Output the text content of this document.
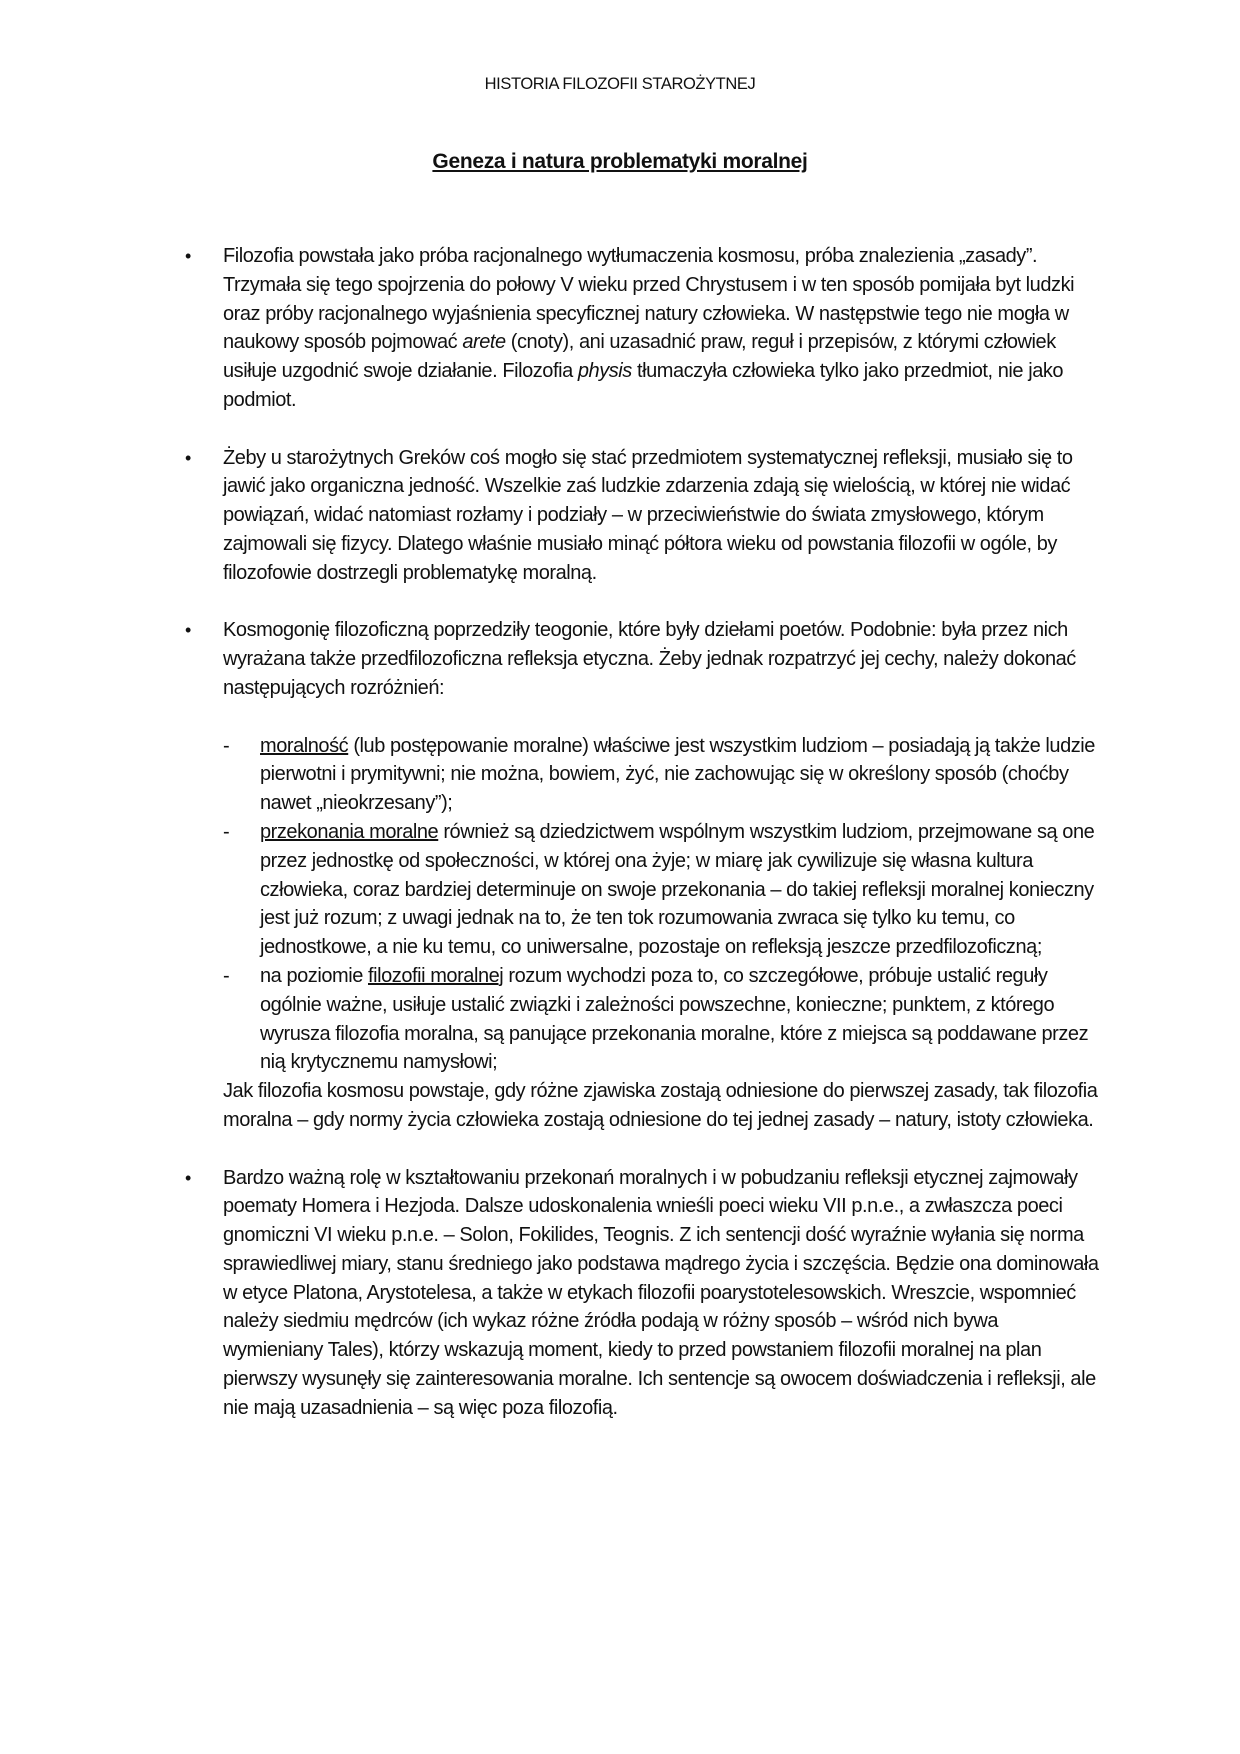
HISTORIA FILOZOFII STAROŻYTNEJ
Geneza i natura problematyki moralnej
• Filozofia powstała jako próba racjonalnego wytłumaczenia kosmosu, próba znalezienia „zasady”. Trzymała się tego spojrzenia do połowy V wieku przed Chrystusem i w ten sposób pomijała byt ludzki oraz próby racjonalnego wyjaśnienia specyficznej natury człowieka. W następstwie tego nie mogła w naukowy sposób pojmować arete (cnoty), ani uzasadnić praw, reguł i przepisów, z którymi człowiek usiłuje uzgodnić swoje działanie. Filozofia physis tłumaczyła człowieka tylko jako przedmiot, nie jako podmiot.

• Żeby u starożytnych Greków coś mogło się stać przedmiotem systematycznej refleksji, musiało się to jawić jako organiczna jedność. Wszelkie zaś ludzkie zdarzenia zdają się wielością, w której nie widać powiązań, widać natomiast rozłamy i podziały – w przeciwieństwie do świata zmysłowego, którym zajmowali się fizycy. Dlatego właśnie musiało minąć półtora wieku od powstania filozofii w ogóle, by filozofowie dostrzegli problematykę moralną.

• Kosmogonię filozoficzną poprzedziły teogonie, które były dziełami poetów. Podobnie: była przez nich wyrażana także przedfilozoficzna refleksja etyczna. Żeby jednak rozpatrzyć jej cechy, należy dokonać następujących rozróżnień:

- moralność (lub postępowanie moralne) właściwe jest wszystkim ludziom – posiadają ją także ludzie pierwotni i prymitywni; nie można, bowiem, żyć, nie zachowując się w określony sposób (choćby nawet „nieokrzesany”);
- przekonania moralne również są dziedzictwem wspólnym wszystkim ludziom, przejmowane są one przez jednostkę od społeczności, w której ona żyje; w miarę jak cywilizuje się własna kultura człowieka, coraz bardziej determinuje on swoje przekonania – do takiej refleksji moralnej konieczny jest już rozum; z uwagi jednak na to, że ten tok rozumowania zwraca się tylko ku temu, co jednostkowe, a nie ku temu, co uniwersalne, pozostaje on refleksją jeszcze przedfilozoficzną;
- na poziomie filozofii moralnej rozum wychodzi poza to, co szczegółowe, próbuje ustalić reguły ogólnie ważne, usiłuje ustalić związki i zależności powszechne, konieczne; punktem, z którego wyrusza filozofia moralna, są panujące przekonania moralne, które z miejsca są poddawane przez nią krytycznemu namysłowi;

Jak filozofia kosmosu powstaje, gdy różne zjawiska zostają odniesione do pierwszej zasady, tak filozofia moralna – gdy normy życia człowieka zostają odniesione do tej jednej zasady – natury, istoty człowieka.

• Bardzo ważną rolę w kształtowaniu przekonań moralnych i w pobudzaniu refleksji etycznej zajmowały poematy Homera i Hezjoda. Dalsze udoskonalenia wnieśli poeci wieku VII p.n.e., a zwłaszcza poeci gnomiczni VI wieku p.n.e. – Solon, Fokilides, Teognis. Z ich sentencji dość wyraźnie wyłania się norma sprawiedliwej miary, stanu średniego jako podstawa mądrego życia i szczęścia. Będzie ona dominowała w etyce Platona, Arystotelesa, a także w etykach filozofii poarystotelesowskich. Wreszcie, wspomnieć należy siedmiu mędrców (ich wykaz różne źródła podają w różny sposób – wśród nich bywa wymieniany Tales), którzy wskazują moment, kiedy to przed powstaniem filozofii moralnej na plan pierwszy wysunęły się zainteresowania moralne. Ich sentencje są owocem doświadczenia i refleksji, ale nie mają uzasadnienia – są więc poza filozofią.
